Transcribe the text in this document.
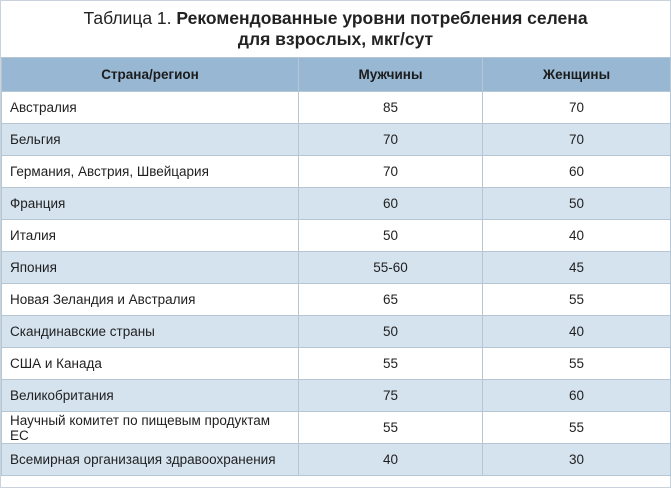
Таблица 1. Рекомендованные уровни потребления селена
для взрослых, мкг/сут
Страна/регион	Мужчины	Женщины
Австралия	85	70
Бельгия	70	70
Германия, Австрия, Швейцария	70	60
Франция	60	50
Италия	50	40
Япония	55-60	45
Новая Зеландия и Австралия	65	55
Скандинавские страны	50	40
США и Канада	55	55
Великобритания	75	60
Научный комитет по пищевым продуктам ЕС	55	55
Всемирная организация здравоохранения	40	30
